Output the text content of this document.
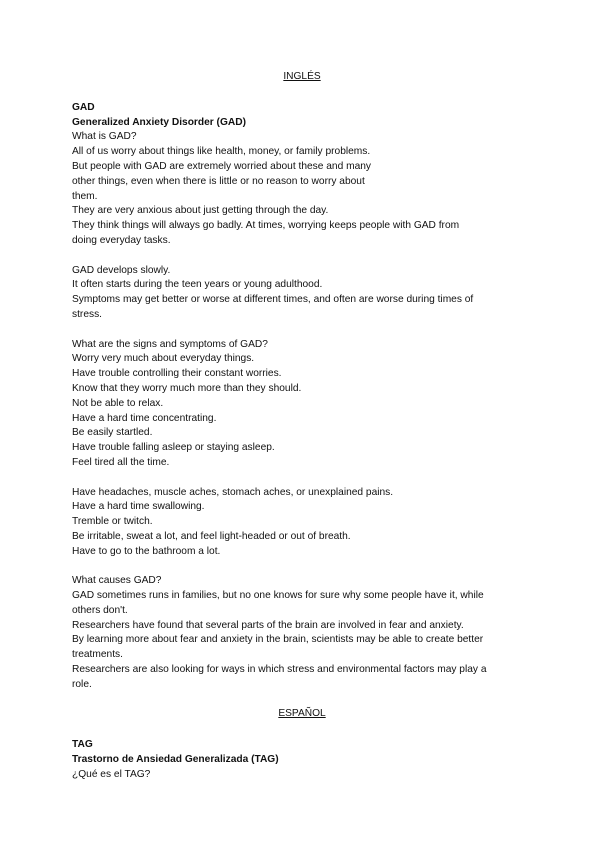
INGLÉS

GAD

Generalized Anxiety Disorder (GAD)

What is GAD?

All of us worry about things like health, money, or family problems.

But people with GAD are extremely worried about these and many

other things, even when there is little or no reason to worry about

them.

They are very anxious about just getting through the day.

They think things will always go badly. At times, worrying keeps people with GAD from

doing everyday tasks.

GAD develops slowly.

It often starts during the teen years or young adulthood.

Symptoms may get better or worse at different times, and often are worse during times of

stress.

What are the signs and symptoms of GAD?

Worry very much about everyday things.

Have trouble controlling their constant worries.

Know that they worry much more than they should.

Not be able to relax.

Have a hard time concentrating.

Be easily startled.

Have trouble falling asleep or staying asleep.

Feel tired all the time.

Have headaches, muscle aches, stomach aches, or unexplained pains.

Have a hard time swallowing.

Tremble or twitch.

Be irritable, sweat a lot, and feel light-headed or out of breath.

Have to go to the bathroom a lot.

What causes GAD?

GAD sometimes runs in families, but no one knows for sure why some people have it, while

others don't.

Researchers have found that several parts of the brain are involved in fear and anxiety.

By learning more about fear and anxiety in the brain, scientists may be able to create better

treatments.

Researchers are also looking for ways in which stress and environmental factors may play a

role.

ESPAÑOL

TAG

Trastorno de Ansiedad Generalizada (TAG)

¿Qué es el TAG?
